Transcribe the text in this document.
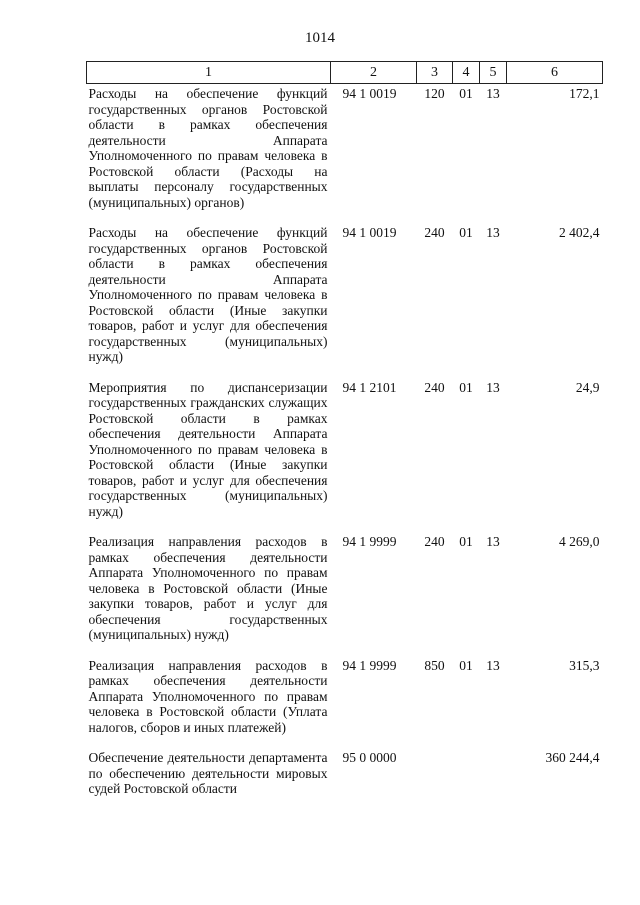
1014
1	2	3	4	5	6
Расходы на обеспечение функций государственных органов Ростовской области в рамках обеспечения деятельности Аппарата Уполномоченного по правам человека в Ростовской области (Расходы на выплаты персоналу государственных (муниципальных) органов)	94 1 0019	120	01	13	172,1
Расходы на обеспечение функций государственных органов Ростовской области в рамках обеспечения деятельности Аппарата Уполномоченного по правам человека в Ростовской области (Иные закупки товаров, работ и услуг для обеспечения государственных (муниципальных) нужд)	94 1 0019	240	01	13	2 402,4
Мероприятия по диспансеризации государственных гражданских служащих Ростовской области в рамках обеспечения деятельности Аппарата Уполномоченного по правам человека в Ростовской области (Иные закупки товаров, работ и услуг для обеспечения государственных (муниципальных) нужд)	94 1 2101	240	01	13	24,9
Реализация направления расходов в рамках обеспечения деятельности Аппарата Уполномоченного по правам человека в Ростовской области (Иные закупки товаров, работ и услуг для обеспечения государственных (муниципальных) нужд)	94 1 9999	240	01	13	4 269,0
Реализация направления расходов в рамках обеспечения деятельности Аппарата Уполномоченного по правам человека в Ростовской области (Уплата налогов, сборов и иных платежей)	94 1 9999	850	01	13	315,3
Обеспечение деятельности департамента по обеспечению деятельности мировых судей Ростовской области	95 0 0000				360 244,4
